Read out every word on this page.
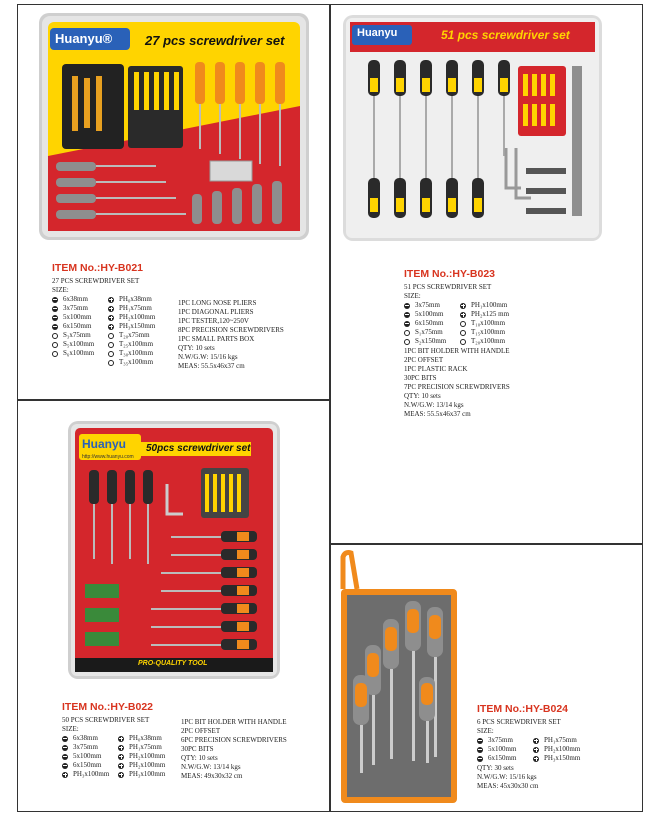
Huanyu®	27 pcs screwdriver set
ITEM No.:HY-B021
27 PCS SCREWDRIVER SET
SIZE:
6x38mm
3x75mm
5x100mm
6x150mm
S₃x75mm
S₅x100mm
S₆x100mm
PH₀x38mm
PH₁x75mm
PH₂x100mm
PH₃x150mm
T₂₀x75mm
T₂₅x100mm
T₃₀x100mm
T₃₅x100mm
1PC LONG NOSE PLIERS
1PC DIAGONAL PLIERS
1PC TESTER,120~250V
8PC PRECISION SCREWDRIVERS
1PC SMALL PARTS BOX
QTY: 10 sets
N.W/G.W: 15/16 kgs
MEAS: 55.5x46x37 cm
Huanyu	51 pcs screwdriver set
ITEM No.:HY-B023
51 PCS SCREWDRIVER SET
SIZE:
3x75mm
5x100mm
6x150mm
S₁x75mm
S₂x150mm
PH₁x100mm
PH₂x125 mm
T₁₀x100mm
T₁₅x100mm
T₂₀x100mm
1PC BIT HOLDER WITH HANDLE
2PC OFFSET
1PC PLASTIC RACK
30PC BITS
7PC PRECISION SCREWDRIVERS
QTY: 10 sets
N.W/G.W: 13/14 kgs
MEAS: 55.5x46x37 cm
Huanyu
http://www.huanyu.com
50pcs screwdriver set
PRO-QUALITY TOOL
ITEM No.:HY-B022
50 PCS SCREWDRIVER SET
SIZE:
6x38mm
3x75mm
5x100mm
6x150mm
PH₃x100mm
PH₀x38mm
PH₁x75mm
PH₂x100mm
PH₂x100mm
PH₃x100mm
1PC BIT HOLDER WITH HANDLE
2PC OFFSET
6PC PRECISION SCREWDRIVERS
30PC BITS
QTY: 10 sets
N.W/G.W: 13/14 kgs
MEAS: 49x30x32 cm
ITEM No.:HY-B024
6 PCS SCREWDRIVER SET
SIZE:
3x75mm
5x100mm
6x150mm
PH₁x75mm
PH₂x100mm
PH₃x150mm
QTY: 30 sets
N.W/G.W: 15/16 kgs
MEAS: 45x30x30 cm
